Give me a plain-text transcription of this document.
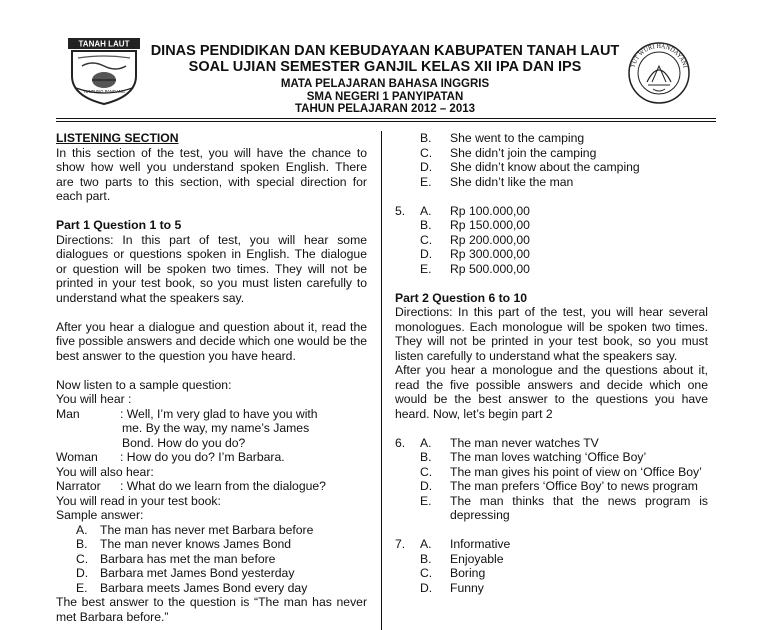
TANAH LAUT
TUNTUNG PANDANG
TUT WURI HANDAYANI
DINAS PENDIDIKAN DAN KEBUDAYAAN KABUPATEN TANAH LAUT
SOAL UJIAN SEMESTER GANJIL KELAS XII IPA DAN IPS
MATA PELAJARAN BAHASA INGGRIS
SMA NEGERI 1 PANYIPATAN
TAHUN PELAJARAN 2012 – 2013

LISTENING SECTION

In this section of the test, you will have the chance to show how well you understand spoken English. There are two parts to this section, with special direction for each part.

Part 1 Question 1 to 5

Directions: In this part of test, you will hear some dialogues or questions spoken in English. The dialogue or question will be spoken two times. They will not be printed in your test book, so you must listen carefully to understand what the speakers say.

After you hear a dialogue and question about it, read the five possible answers and decide which one would be the best answer to the question you have heard.

Now listen to a sample question:

You will hear :

Man	: Well, I’m very glad to have you with

me. By the way, my name’s James

Bond. How do you do?

Woman	: How do you do? I’m Barbara.

You will also hear:

Narrator	: What do we learn from the dialogue?

You will read in your test book:

Sample answer:

A.	The man has never met Barbara before
B.	The man never knows James Bond
C. Barbara has met the man before
D. Barbara met James Bond yesterday
E.	Barbara meets James Bond every day

The best answer to the question is “The man has never met Barbara before.”

B.	She went to the camping
C.	She didn’t join the camping
D.	She didn’t know about the camping
E.	She didn’t like the man
5.	A.	Rp 100.000,00
B.	Rp 150.000,00
C.	Rp 200.000,00
D.	Rp 300.000,00
E.	Rp 500.000,00

Part 2 Question 6 to 10

Directions: In this part of the test, you will hear several monologues. Each monologue will be spoken two times. They will not be printed in your test book, so you must listen carefully to understand what the speakers say.

After you hear a monologue and the questions about it, read the five possible answers and decide which one would be the best answer to the questions you have heard. Now, let’s begin part 2

6.	A.	The man never watches TV
B.	The man loves watching ‘Office Boy’
C.	The man gives his point of view on ‘Office Boy’
D.	The man prefers ‘Office Boy’ to news program
E.	The man thinks that the news program is depressing
7.	A.	Informative
B.	Enjoyable
C.	Boring
D.	Funny
